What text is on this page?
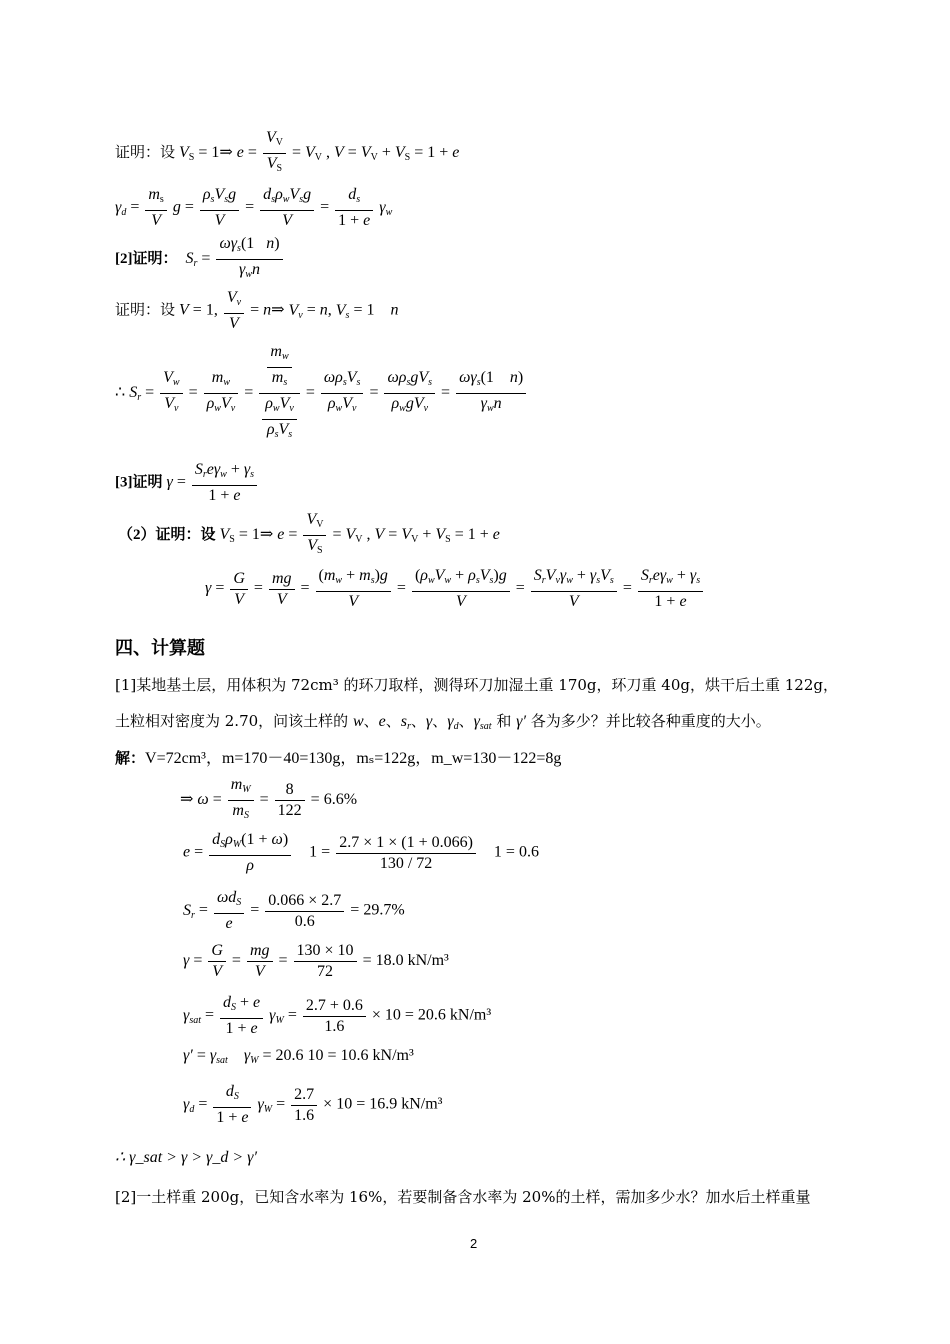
证明：设 $V_S$ = 1⇒ $e = \frac{V_V}{V_S} = V_V$ , $V = V_V + V_S = 1 + e$
$\gamma_d = \frac{m_s}{V}$ $g = \frac{\rho_sV_sg}{V} = \frac{d_s\rho_wV_sg}{V} = \frac{d_s}{1 + e} \gamma_w$
[2]证明： $S_r = \frac{\omega\gamma_s(1 n)}{\gamma_wn}$
证明：设 V = 1, $\frac{V_v}{V}$ = n⇒ $V_v = n$, $V_s = 1$    n
∴ $S_r = \frac{V_w}{V_v} = \frac{m_w}{\rho_wV_v} = \frac{\frac{m_w}{m_s}}{\frac{\rho_wV_v}{\rho_sV_s}} = \frac{\omega\rho_sV_s}{\rho_wV_v} = \frac{\omega\rho_sgV_s}{\rho_wgV_v} = \frac{\omega\gamma_s(1 n)}{\gamma_wn}$
[3]证明 $\gamma = \frac{S_re\gamma_w + \gamma_s}{1 + e}$
（2）证明：设 $V_S$ = 1⇒ $e = \frac{V_V}{V_S} = V_V$ , $V = V_V + V_S = 1 + e$
$\gamma = \frac{G}{V} = \frac{mg}{V} = \frac{(m_w + m_s)g}{V} = \frac{(\rho_wV_w + \rho_sV_s)g}{V} = \frac{S_rV_v\gamma_w + \gamma_sV_s}{V} = \frac{S_re\gamma_w + \gamma_s}{1 + e}$
四、计算题
[1]某地基土层，用体积为 72cm³ 的环刀取样，测得环刀加湿土重 170g，环刀重 40g，烘干后土重 122g，
土粒相对密度为 2.70，问该土样的 w、e、$s_r$、γ、$\gamma_d$、$\gamma_{sat}$ 和 γ′ 各为多少？并比较各种重度的大小。
解：V=72cm³，m=170－40=130g，mₛ=122g，m_w=130－122=8g
⇒ $\omega = \frac{m_W}{m_S} = \frac{8}{122} = 6.6\%$
$e = \frac{d_S\rho_W(1 + \omega)}{\rho} 1 = \frac{2.7 \times 1 \times (1 + 0.066)}{130 / 72} 1 = 0.6$
$S_r = \frac{\omega d_S}{e} = \frac{0.066 \times 2.7}{0.6} = 29.7\%$
$\gamma = \frac{G}{V} = \frac{mg}{V} = \frac{130 \times 10}{72} = 18.0$ kN/m³
$\gamma_{sat} = \frac{d_S + e}{1 + e} \gamma_W = \frac{2.7 + 0.6}{1.6} \times 10 = 20.6$ kN/m³
$\gamma' = \gamma_{sat}$ $\gamma_W = 20.6$ 10 = 10.6 kN/m³
$\gamma_d = \frac{d_S}{1 + e} \gamma_W = \frac{2.7}{1.6} \times 10 = 16.9$ kN/m³
∴ γ_sat > γ > γ_d > γ′
[2]一土样重 200g，已知含水率为 16%，若要制备含水率为 20%的土样，需加多少水？加水后土样重量
2
